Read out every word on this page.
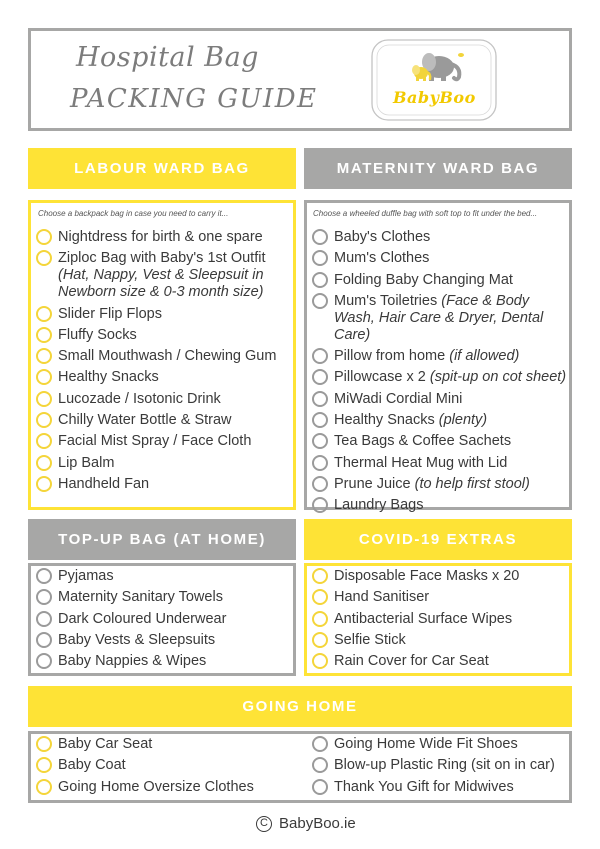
Hospital Bag
PACKING GUIDE	BabyBoo
LABOUR WARD BAG
Choose a backpack bag in case you need to carry it...
Nightdress for birth & one spare
Ziploc Bag with Baby's 1st Outfit (Hat, Nappy, Vest & Sleepsuit in Newborn size & 0-3 month size)
Slider Flip Flops
Fluffy Socks
Small Mouthwash / Chewing Gum
Healthy Snacks
Lucozade / Isotonic Drink
Chilly Water Bottle & Straw
Facial Mist Spray / Face Cloth
Lip Balm
Handheld Fan
MATERNITY WARD BAG
Choose a wheeled duffle bag with soft top to fit under the bed...
Baby's Clothes
Mum's Clothes
Folding Baby Changing Mat
Mum's Toiletries (Face & Body Wash, Hair Care & Dryer, Dental Care)
Pillow from home (if allowed)
Pillowcase x 2 (spit-up on cot sheet)
MiWadi Cordial Mini
Healthy Snacks (plenty)
Tea Bags & Coffee Sachets
Thermal Heat Mug with Lid
Prune Juice (to help first stool)
Laundry Bags
TOP-UP BAG (AT HOME)
Pyjamas
Maternity Sanitary Towels
Dark Coloured Underwear
Baby Vests & Sleepsuits
Baby Nappies & Wipes
COVID-19 EXTRAS
Disposable Face Masks x 20
Hand Sanitiser
Antibacterial Surface Wipes
Selfie Stick
Rain Cover for Car Seat
GOING HOME
Baby Car Seat
Baby Coat
Going Home Oversize Clothes
Going Home Wide Fit Shoes
Blow-up Plastic Ring (sit on in car)
Thank You Gift for Midwives
C BabyBoo.ie
